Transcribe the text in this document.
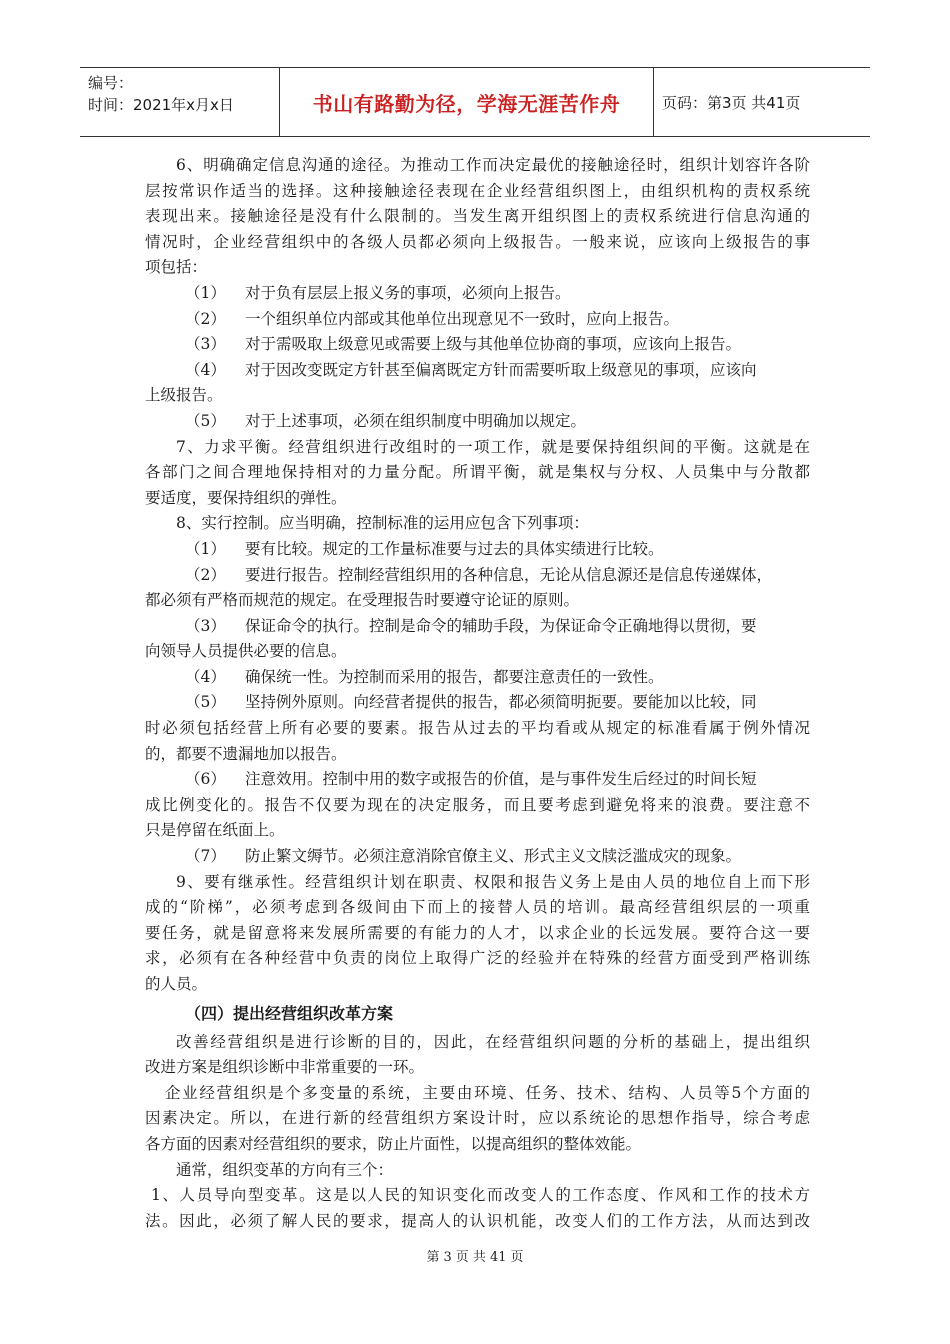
编号：
时间：2021年x月x日	书山有路勤为径，学海无涯苦作舟	页码：第3页 共41页
6、明确确定信息沟通的途径。为推动工作而决定最优的接触途径时，组织计划容许各阶
层按常识作适当的选择。这种接触途径表现在企业经营组织图上，由组织机构的责权系统
表现出来。接触途径是没有什么限制的。当发生离开组织图上的责权系统进行信息沟通的
情况时，企业经营组织中的各级人员都必须向上级报告。一般来说，应该向上级报告的事
项包括：
（1） 对于负有层层上报义务的事项，必须向上报告。
（2） 一个组织单位内部或其他单位出现意见不一致时，应向上报告。
（3） 对于需吸取上级意见或需要上级与其他单位协商的事项，应该向上报告。
（4） 对于因改变既定方针甚至偏离既定方针而需要听取上级意见的事项，应该向
上级报告。
（5） 对于上述事项，必须在组织制度中明确加以规定。
7、力求平衡。经营组织进行改组时的一项工作，就是要保持组织间的平衡。这就是在
各部门之间合理地保持相对的力量分配。所谓平衡，就是集权与分权、人员集中与分散都
要适度，要保持组织的弹性。
8、实行控制。应当明确，控制标准的运用应包含下列事项：
（1） 要有比较。规定的工作量标准要与过去的具体实绩进行比较。
（2） 要进行报告。控制经营组织用的各种信息，无论从信息源还是信息传递媒体，
都必须有严格而规范的规定。在受理报告时要遵守论证的原则。
（3） 保证命令的执行。控制是命令的辅助手段，为保证命令正确地得以贯彻，要
向领导人员提供必要的信息。
（4） 确保统一性。为控制而采用的报告，都要注意责任的一致性。
（5） 坚持例外原则。向经营者提供的报告，都必须简明扼要。要能加以比较，同
时必须包括经营上所有必要的要素。报告从过去的平均看或从规定的标准看属于例外情况
的，都要不遗漏地加以报告。
（6） 注意效用。控制中用的数字或报告的价值，是与事件发生后经过的时间长短
成比例变化的。报告不仅要为现在的决定服务，而且要考虑到避免将来的浪费。要注意不
只是停留在纸面上。
（7） 防止繁文缛节。必须注意消除官僚主义、形式主义文牍泛滥成灾的现象。
9、要有继承性。经营组织计划在职责、权限和报告义务上是由人员的地位自上而下形
成的“阶梯”，必须考虑到各级间由下而上的接替人员的培训。最高经营组织层的一项重
要任务，就是留意将来发展所需要的有能力的人才，以求企业的长远发展。要符合这一要
求，必须有在各种经营中负责的岗位上取得广泛的经验并在特殊的经营方面受到严格训练
的人员。
（四）提出经营组织改革方案
改善经营组织是进行诊断的目的，因此，在经营组织问题的分析的基础上，提出组织
改进方案是组织诊断中非常重要的一环。
企业经营组织是个多变量的系统，主要由环境、任务、技术、结构、人员等5个方面的
因素决定。所以，在进行新的经营组织方案设计时，应以系统论的思想作指导，综合考虑
各方面的因素对经营组织的要求，防止片面性，以提高组织的整体效能。
通常，组织变革的方向有三个：
1、人员导向型变革。这是以人民的知识变化而改变人的工作态度、作风和工作的技术方
法。因此，必须了解人民的要求，提高人的认识机能，改变人们的工作方法，从而达到改
第 3 页 共 41 页
